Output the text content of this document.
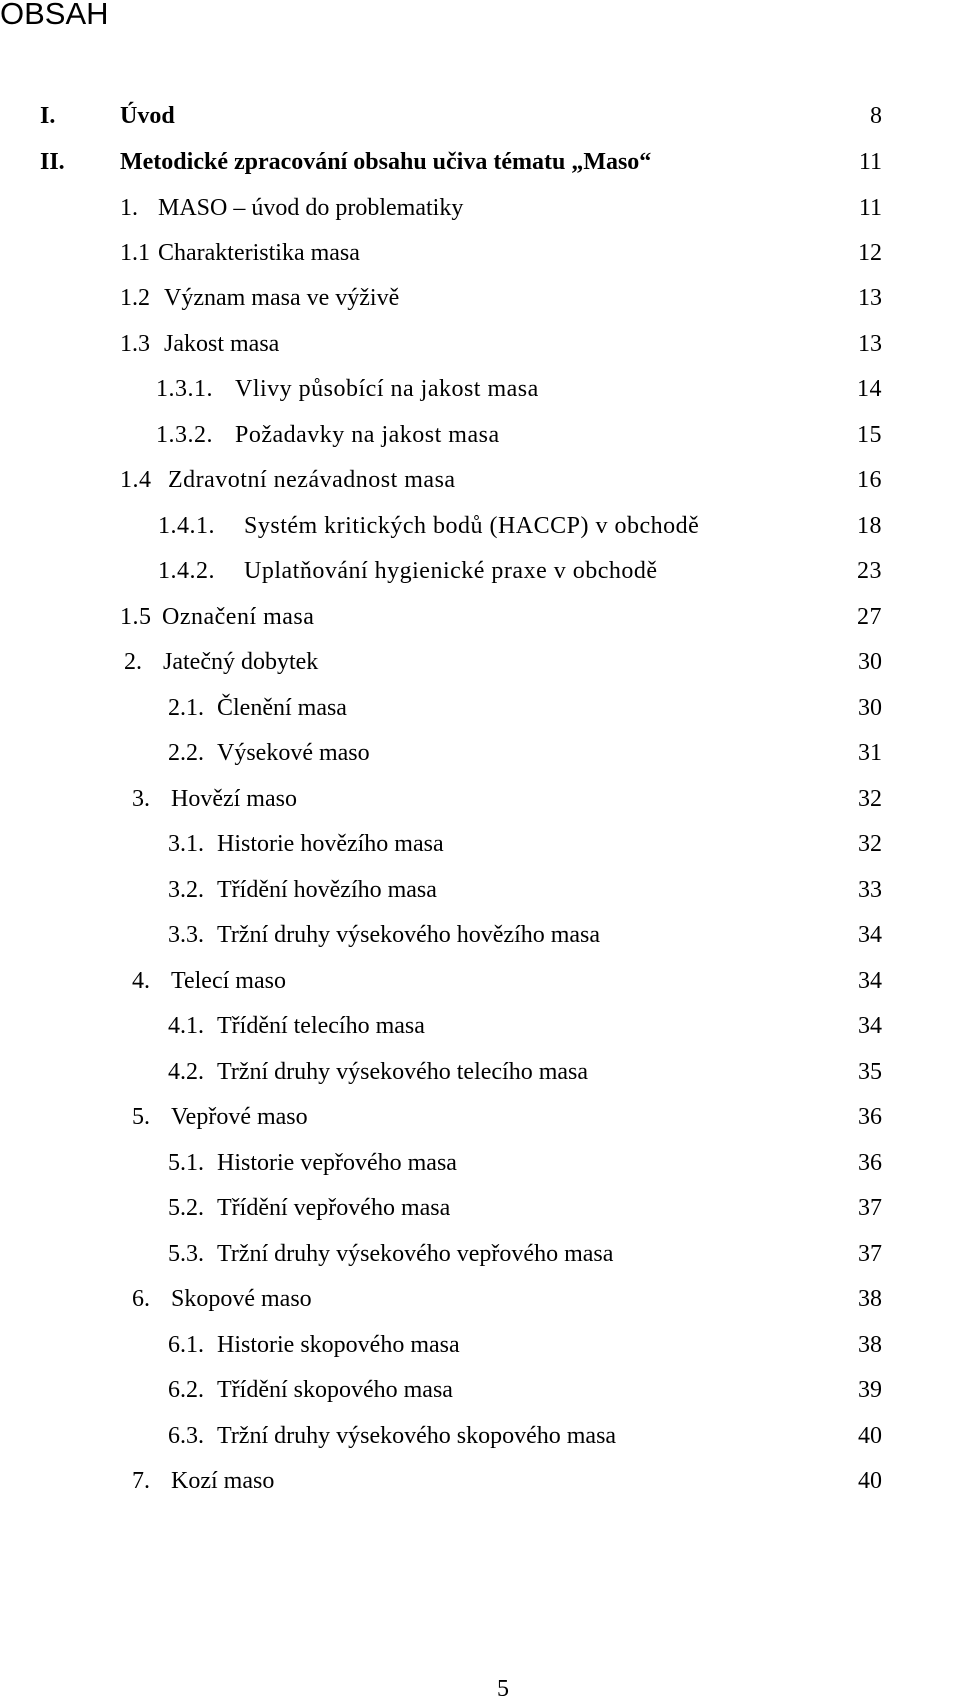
OBSAH
I.	Úvod	8
II. Metodické zpracování obsahu učiva tématu „Maso“	11
1. MASO – úvod do problematiky	11
1.1 Charakteristika masa	12
1.2 Význam masa ve výživě	13
1.3 Jakost masa	13
1.3.1. Vlivy působící na jakost masa	14
1.3.2. Požadavky na jakost masa	15
1.4 Zdravotní nezávadnost masa	16
1.4.1. Systém kritických bodů (HACCP) v obchodě	18
1.4.2. Uplatňování hygienické praxe v obchodě	23
1.5 Označení masa	27
2. Jatečný dobytek	30
2.1. Členění masa	30
2.2. Výsekové maso	31
3. Hovězí maso	32
3.1. Historie hovězího masa	32
3.2. Třídění hovězího masa	33
3.3. Tržní druhy výsekového hovězího masa	34
4. Telecí maso	34
4.1. Třídění telecího masa	34
4.2. Tržní druhy výsekového telecího masa	35
5. Vepřové maso	36
5.1. Historie vepřového masa	36
5.2. Třídění vepřového masa	37
5.3. Tržní druhy výsekového vepřového masa	37
6. Skopové maso	38
6.1. Historie skopového masa	38
6.2. Třídění skopového masa	39
6.3. Tržní druhy výsekového skopového masa	40
7. Kozí maso	40
5
